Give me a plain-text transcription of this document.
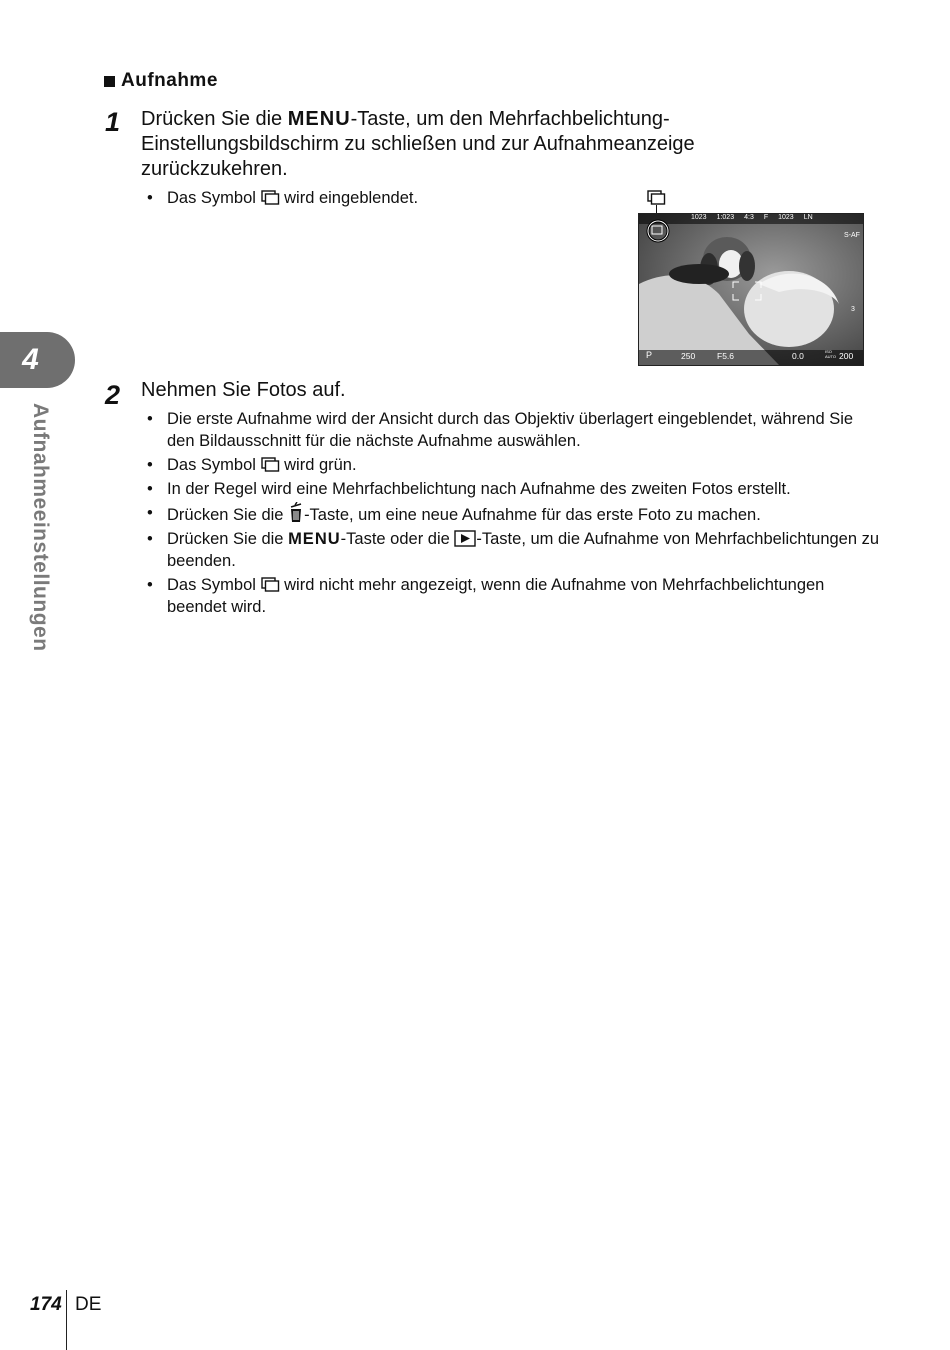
Aufnahme
1 Drücken Sie die MENU-Taste, um den Mehrfachbelichtung-Einstellungsbildschirm zu schließen und zur Aufnahmeanzeige zurückzukehren.
• Das Symbol  wird eingeblendet.
1023 1:023 4:3 F 1023 LN
S-AF
3
P	250	F5.6	0.0	ISO AUTO 200
2 Nehmen Sie Fotos auf.
• Die erste Aufnahme wird der Ansicht durch das Objektiv überlagert eingeblendet, während Sie den Bildausschnitt für die nächste Aufnahme auswählen.
• Das Symbol  wird grün.
• In der Regel wird eine Mehrfachbelichtung nach Aufnahme des zweiten Fotos erstellt.
• Drücken Sie die -Taste, um eine neue Aufnahme für das erste Foto zu machen.
• Drücken Sie die MENU-Taste oder die -Taste, um die Aufnahme von Mehrfachbelichtungen zu beenden.
• Das Symbol  wird nicht mehr angezeigt, wenn die Aufnahme von Mehrfachbelichtungen beendet wird.
4
Aufnahmeeinstellungen
174 DE
